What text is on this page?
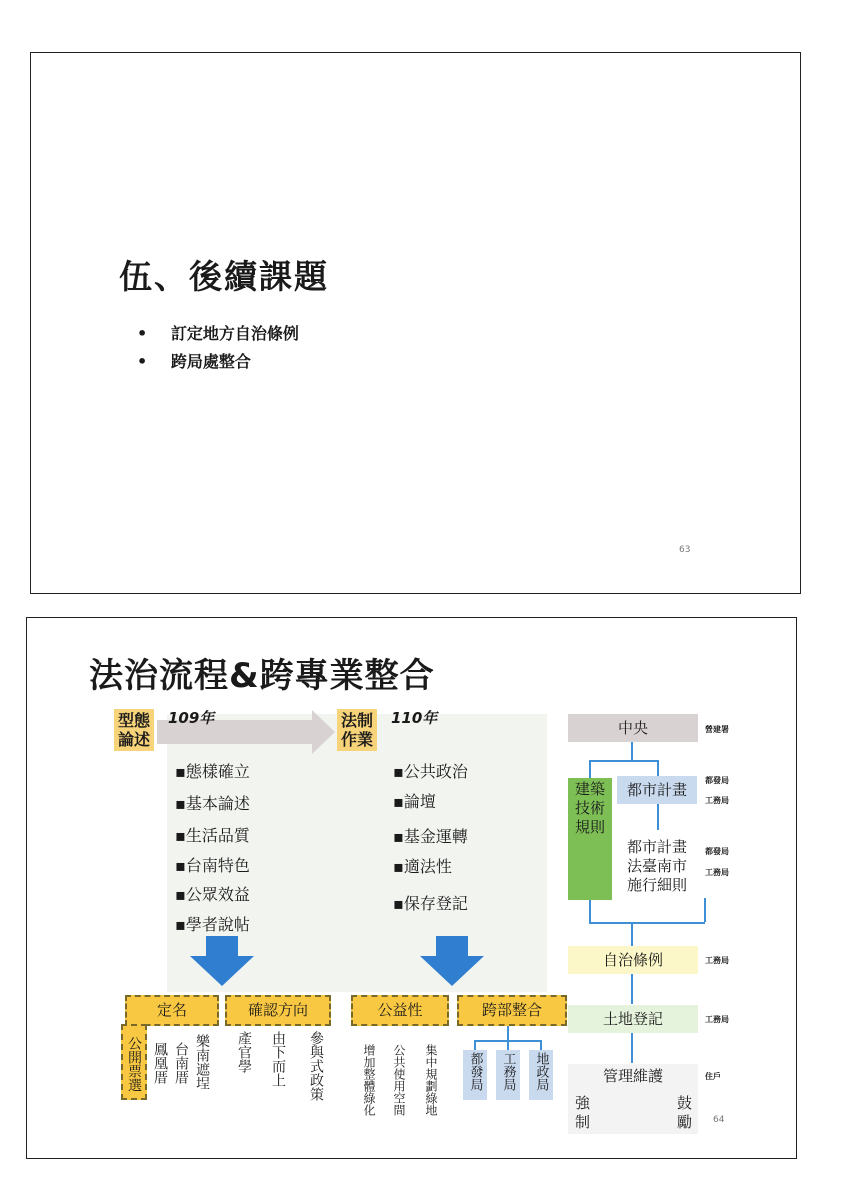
伍、後續課題
• 訂定地方自治條例
• 跨局處整合
63
法治流程&跨專業整合
型態
論述
109年
▪態樣確立
▪基本論述
▪生活品質
▪台南特色
▪公眾效益
▪學者說帖
法制
作業
110年
▪公共政治
▪論壇
▪基金運轉
▪適法性
▪保存登記
定名	確認方向
公開票選 鳳凰厝 台南厝 樂南遮埕 產官學 由下而上 參與式政策
公益性	跨部整合
增加整體綠化 公共使用空間 集中規劃綠地 都發局 工務局 地政局
中央	營建署
建築技術規則
都市計畫
都發局
工務局
都市計畫
法臺南市
施行細則
都發局
工務局
自治條例	工務局
土地登記	工務局
管理維護	住戶
強制
鼓勵	64
